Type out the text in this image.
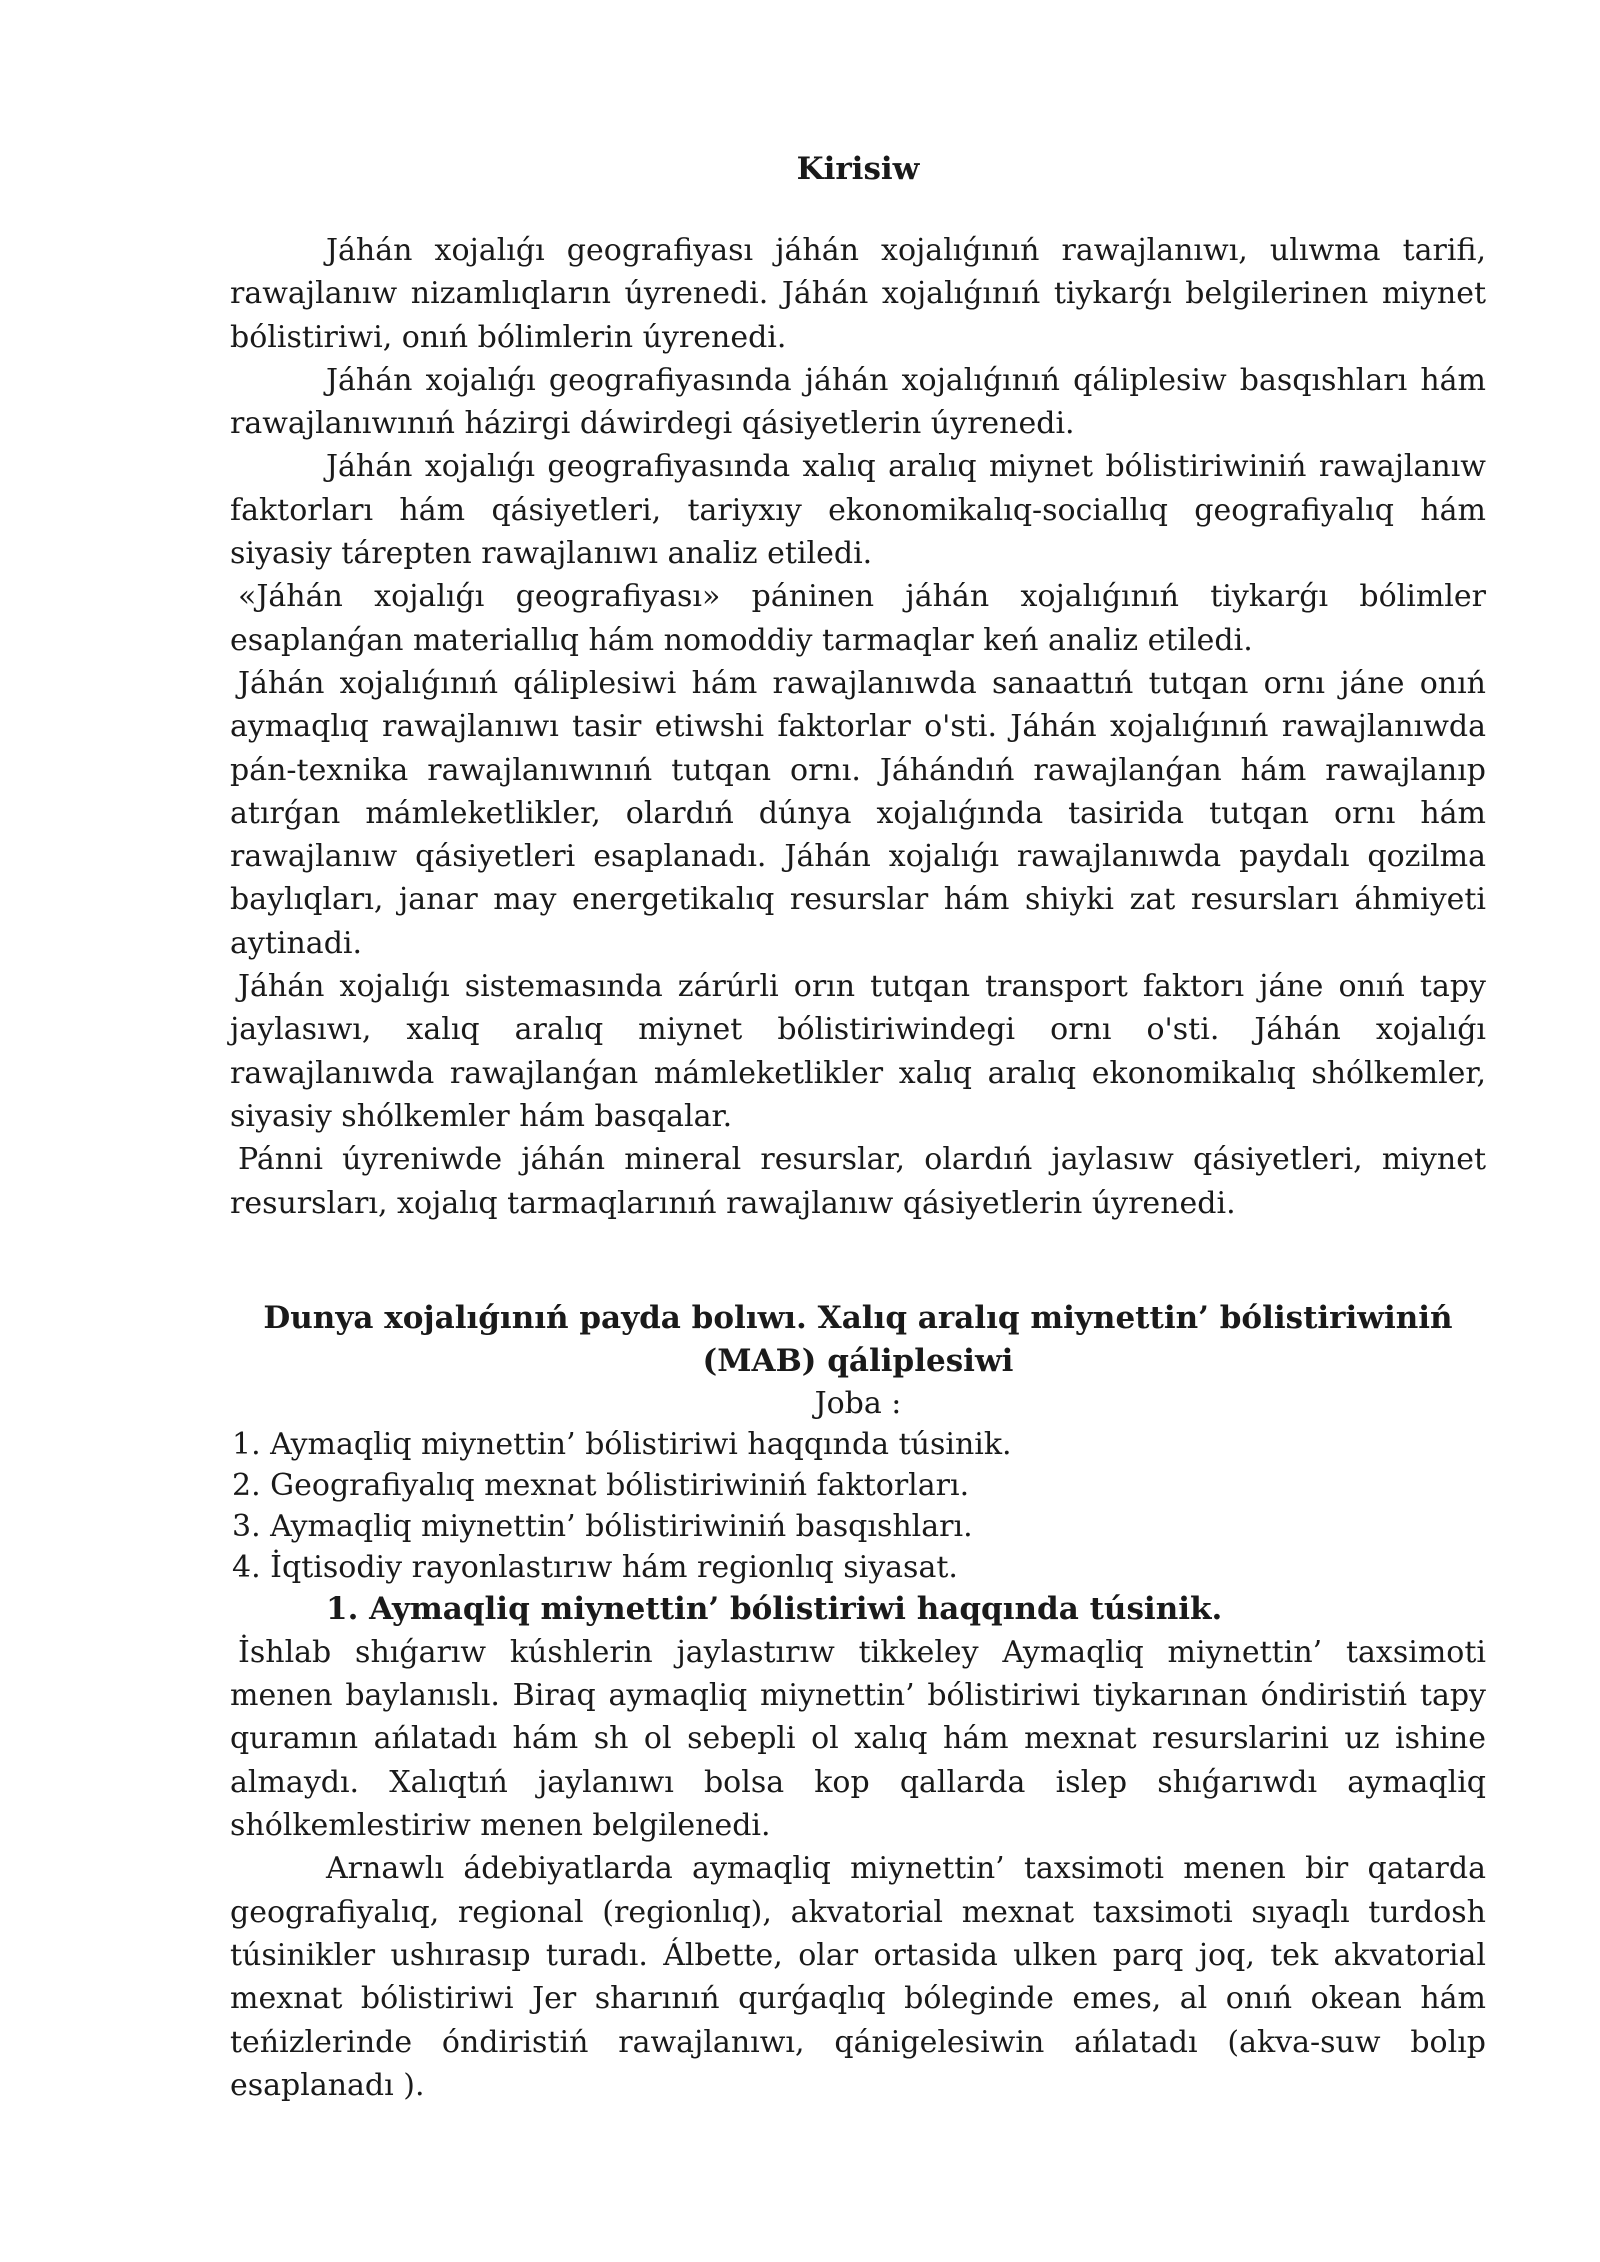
Kirisiw

Jáhán xojalıǵı geografiyası jáhán xojalıǵınıń rawajlanıwı, ulıwma tarifi, rawajlanıw nizamlıqların úyrenedi. Jáhán xojalıǵınıń tiykarǵı belgilerinen miynet bólistiriwi, onıń bólimlerin úyrenedi.

Jáhán xojalıǵı geografiyasında jáhán xojalıǵınıń qáliplesiw basqıshları hám rawajlanıwınıń házirgi dáwirdegi qásiyetlerin úyrenedi.

Jáhán xojalıǵı geografiyasında xalıq aralıq miynet bólistiriwiniń rawajlanıw faktorları hám qásiyetleri, tariyxıy ekonomikalıq-sociallıq geografiyalıq hám siyasiy tárepten rawajlanıwı analiz etiledi.

«Jáhán xojalıǵı geografiyası» páninen jáhán xojalıǵınıń tiykarǵı bólimler esaplanǵan materiallıq hám nomoddiy tarmaqlar keń analiz etiledi.

Jáhán xojalıǵınıń qáliplesiwi hám rawajlanıwda sanaattıń tutqan ornı jáne onıń aymaqlıq rawajlanıwı tasir etiwshi faktorlar o'sti. Jáhán xojalıǵınıń rawajlanıwda pán-texnika rawajlanıwınıń tutqan ornı. Jáhándıń rawajlanǵan hám rawajlanıp atırǵan mámleketlikler, olardıń dúnya xojalıǵında tasirida tutqan ornı hám rawajlanıw qásiyetleri esaplanadı. Jáhán xojalıǵı rawajlanıwda paydalı qozilma baylıqları, janar may energetikalıq resurslar hám shiyki zat resursları áhmiyeti aytinadi.

Jáhán xojalıǵı sistemasında zárúrli orın tutqan transport faktorı jáne onıń tapy jaylasıwı, xalıq aralıq miynet bólistiriwindegi ornı o'sti. Jáhán xojalıǵı rawajlanıwda rawajlanǵan mámleketlikler xalıq aralıq ekonomikalıq shólkemler, siyasiy shólkemler hám basqalar.

Pánni úyreniwde jáhán mineral resurslar, olardıń jaylasıw qásiyetleri, miynet resursları, xojalıq tarmaqlarınıń rawajlanıw qásiyetlerin úyrenedi.

Dunya xojalıǵınıń payda bolıwı. Xalıq aralıq miynettin’ bólistiriwiniń (MAB) qáliplesiwi
Joba :
1. Aymaqliq miynettin’ bólistiriwi haqqında túsinik.
2. Geografiyalıq mexnat bólistiriwiniń faktorları.
3. Aymaqliq miynettin’ bólistiriwiniń basqıshları.
4. İqtisodiy rayonlastırıw hám regionlıq siyasat.
1. Aymaqliq miynettin’ bólistiriwi haqqında túsinik.

İshlab shıǵarıw kúshlerin jaylastırıw tikkeley Aymaqliq miynettin’ taxsimoti menen baylanıslı. Biraq aymaqliq miynettin’ bólistiriwi tiykarınan óndiristiń tapy quramın ańlatadı hám sh ol sebepli ol xalıq hám mexnat resurslarini uz ishine almaydı. Xalıqtıń jaylanıwı bolsa kop qallarda islep shıǵarıwdı aymaqliq shólkemlestiriw menen belgilenedi.

Arnawlı ádebiyatlarda aymaqliq miynettin’ taxsimoti menen bir qatarda geografiyalıq, regional (regionlıq), akvatorial mexnat taxsimoti sıyaqlı turdosh túsinikler ushırasıp turadı. Álbette, olar ortasida ulken parq joq, tek akvatorial mexnat bólistiriwi Jer sharınıń qurǵaqlıq bóleginde emes, al onıń okean hám teńizlerinde óndiristiń rawajlanıwı, qánigelesiwin ańlatadı (akva-suw bolıp esaplanadı ).
